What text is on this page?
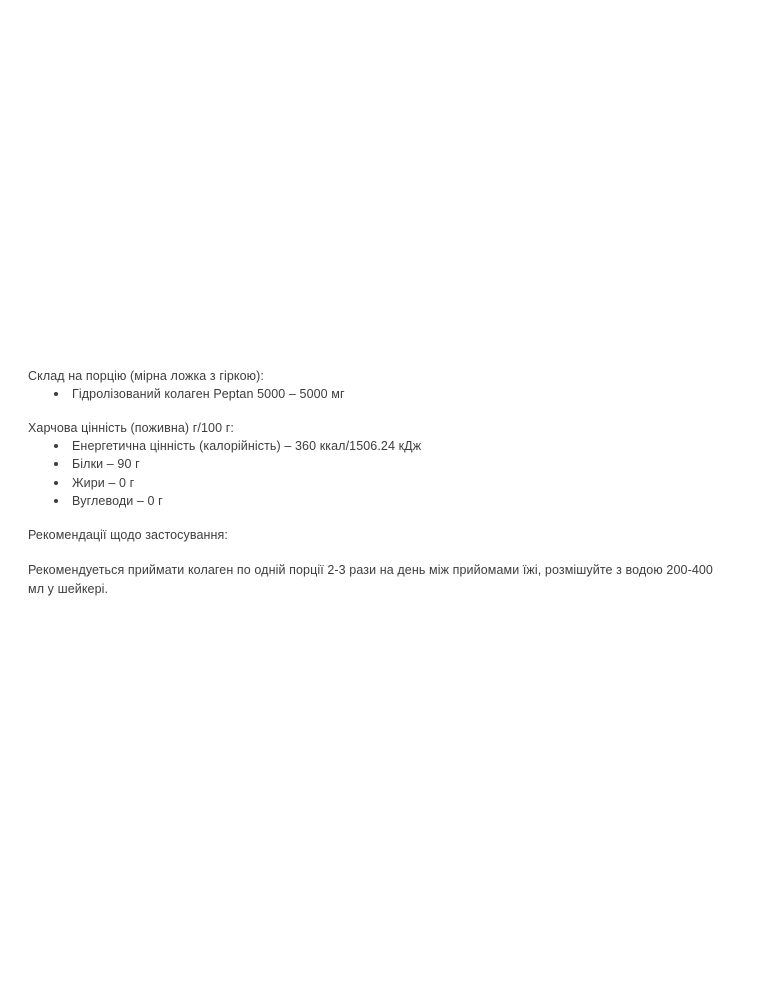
Склад на порцію (мірна ложка з гіркою):

Гідролізований колаген Peptan 5000 – 5000 мг

Харчова цінність (поживна) г/100 г:

Енергетична цінність (калорійність) – 360 ккал/1506.24 кДж
Білки – 90 г
Жири – 0 г
Вуглеводи – 0 г

Рекомендації щодо застосування:

Рекомендуеться приймати колаген по одній порції 2-3 рази на день між прийомами їжі, розмішуйте з водою 200-400 мл у шейкері.
